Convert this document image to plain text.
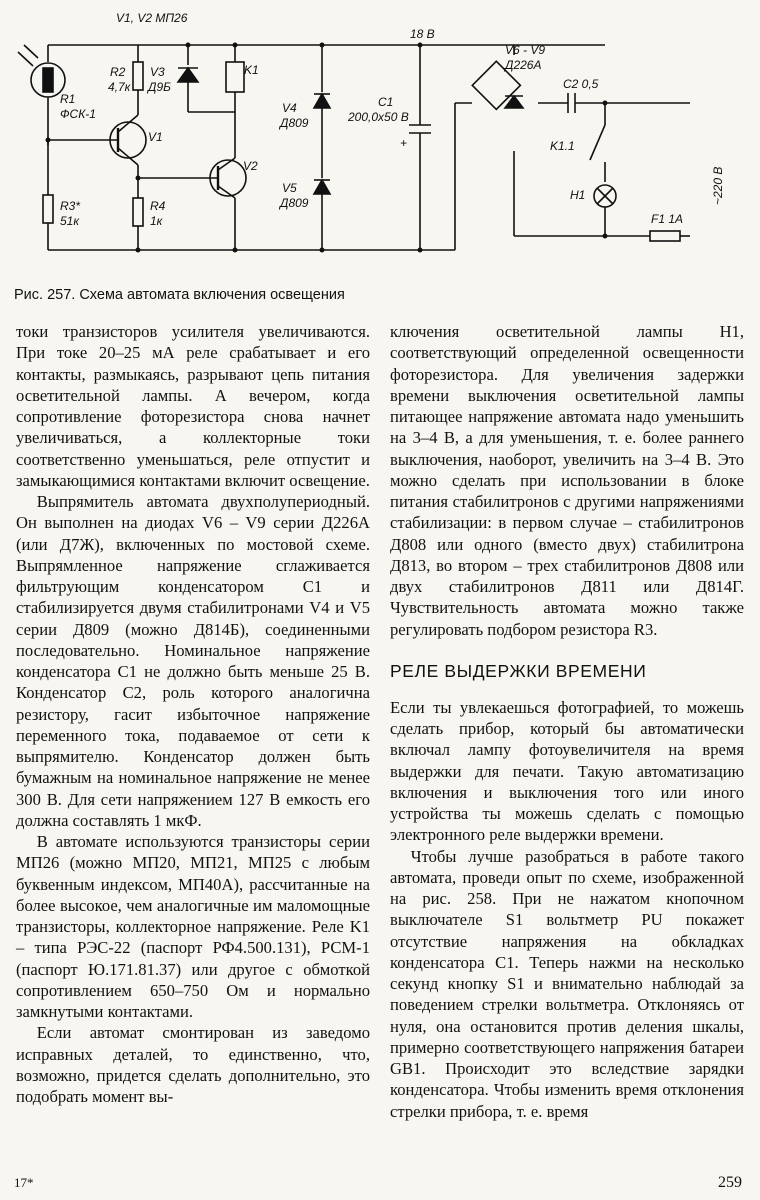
V1, V2 МП26
18 В
V6 - V9
Д226А
R1
ФСК-1
R2
4,7к
V3
Д9Б
K1
V1
V2
V4
Д809
V5
Д809
C1
200,0x50 В
+
C2 0,5
K1.1
H1
F1 1А
~220 В
R3*
51к
R4
1к
Рис. 257. Схема автомата включения освещения

токи транзисторов усилителя увеличиваются. При токе 20–25 мА реле срабатывает и его контакты, размыкаясь, разрывают цепь питания осветительной лампы. А вечером, когда сопротивление фоторезистора снова начнет увеличиваться, а коллекторные токи соответственно уменьшаться, реле отпустит и замыкающимися контактами включит освещение.

Выпрямитель автомата двухполупериодный. Он выполнен на диодах V6 – V9 серии Д226А (или Д7Ж), включенных по мостовой схеме. Выпрямленное напряжение сглаживается фильтрующим конденсатором C1 и стабилизируется двумя стабилитронами V4 и V5 серии Д809 (можно Д814Б), соединенными последовательно. Номинальное напряжение конденсатора C1 не должно быть меньше 25 В. Конденсатор C2, роль которого аналогична резистору, гасит избыточное напряжение переменного тока, подаваемое от сети к выпрямителю. Конденсатор должен быть бумажным на номинальное напряжение не менее 300 В. Для сети напряжением 127 В емкость его должна составлять 1 мкФ.

В автомате используются транзисторы серии МП26 (можно МП20, МП21, МП25 с любым буквенным индексом, МП40А), рассчитанные на более высокое, чем аналогичные им маломощные транзисторы, коллекторное напряжение. Реле K1 – типа РЭС-22 (паспорт РФ4.500.131), РСМ-1 (паспорт Ю.171.81.37) или другое с обмоткой сопротивлением 650–750 Ом и нормально замкнутыми контактами.

Если автомат смонтирован из заведомо исправных деталей, то единственно, что, возможно, придется сделать дополнительно, это подобрать момент вы-

ключения осветительной лампы H1, соответствующий определенной освещенности фоторезистора. Для увеличения задержки времени выключения осветительной лампы питающее напряжение автомата надо уменьшить на 3–4 В, а для уменьшения, т. е. более раннего выключения, наоборот, увеличить на 3–4 В. Это можно сделать при использовании в блоке питания стабилитронов с другими напряжениями стабилизации: в первом случае – стабилитронов Д808 или одного (вместо двух) стабилитрона Д813, во втором – трех стабилитронов Д808 или двух стабилитронов Д811 или Д814Г. Чувствительность автомата можно также регулировать подбором резистора R3.

РЕЛЕ ВЫДЕРЖКИ ВРЕМЕНИ

Если ты увлекаешься фотографией, то можешь сделать прибор, который бы автоматически включал лампу фотоувеличителя на время выдержки для печати. Такую автоматизацию включения и выключения того или иного устройства ты можешь сделать с помощью электронного реле выдержки времени.

Чтобы лучше разобраться в работе такого автомата, проведи опыт по схеме, изображенной на рис. 258. При не нажатом кнопочном выключателе S1 вольтметр PU покажет отсутствие напряжения на обкладках конденсатора C1. Теперь нажми на несколько секунд кнопку S1 и внимательно наблюдай за поведением стрелки вольтметра. Отклоняясь от нуля, она остановится против деления шкалы, примерно соответствующего напряжения батареи GB1. Происходит это вследствие зарядки конденсатора. Чтобы изменить время отклонения стрелки прибора, т. е. время

17*	259
